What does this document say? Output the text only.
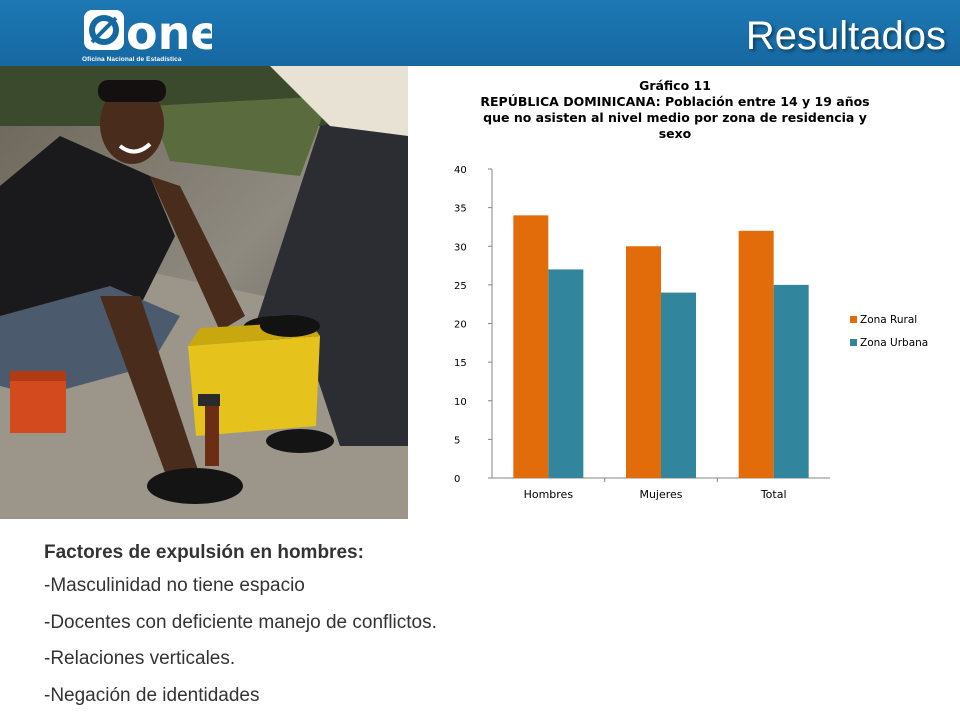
one
Oficina Nacional de Estadística
Resultados
Gráfico 11
REPÚBLICA DOMINICANA: Población entre 14 y 19 años
que no asisten al nivel medio por zona de residencia y
sexo
0
5
10
15
20
25
30
35
40
Hombres	Mujeres	Total
Zona Rural
Zona Urbana
Factores de expulsión en hombres:
-Masculinidad no tiene espacio
-Docentes con deficiente manejo de conflictos.
-Relaciones verticales.
-Negación de identidades
